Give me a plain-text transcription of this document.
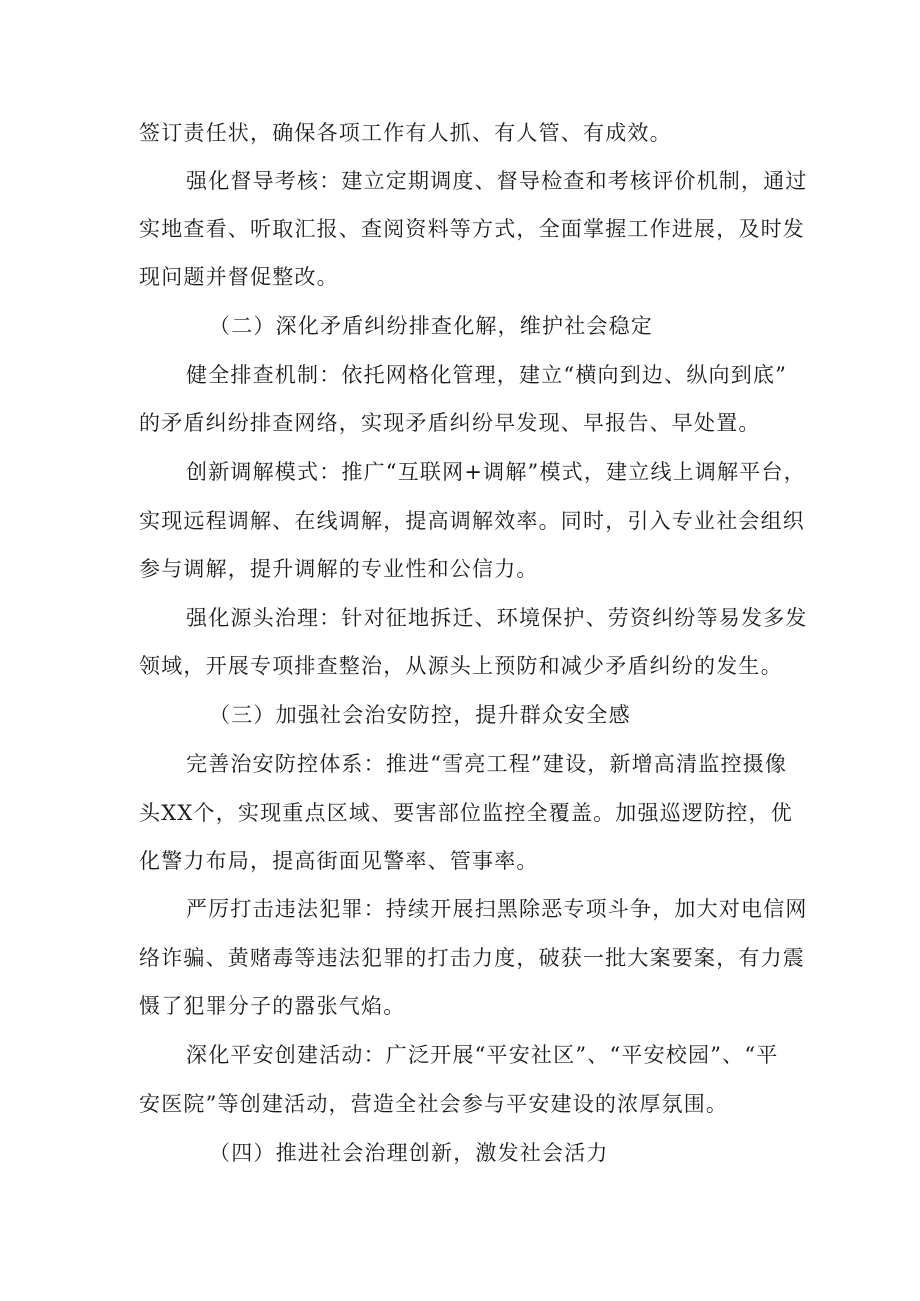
签订责任状，确保各项工作有人抓、有人管、有成效。

强化督导考核：建立定期调度、督导检查和考核评价机制，通过

实地查看、听取汇报、查阅资料等方式，全面掌握工作进展，及时发

现问题并督促整改。

（二）深化矛盾纠纷排查化解，维护社会稳定

健全排查机制：依托网格化管理，建立“横向到边、纵向到底”

的矛盾纠纷排查网络，实现矛盾纠纷早发现、早报告、早处置。

创新调解模式：推广“互联网+调解”模式，建立线上调解平台，

实现远程调解、在线调解，提高调解效率。同时，引入专业社会组织

参与调解，提升调解的专业性和公信力。

强化源头治理：针对征地拆迁、环境保护、劳资纠纷等易发多发

领域，开展专项排查整治，从源头上预防和减少矛盾纠纷的发生。

（三）加强社会治安防控，提升群众安全感

完善治安防控体系：推进“雪亮工程”建设，新增高清监控摄像

头XX个，实现重点区域、要害部位监控全覆盖。加强巡逻防控，优

化警力布局，提高街面见警率、管事率。

严厉打击违法犯罪：持续开展扫黑除恶专项斗争，加大对电信网

络诈骗、黄赌毒等违法犯罪的打击力度，破获一批大案要案，有力震

慑了犯罪分子的嚣张气焰。

深化平安创建活动：广泛开展“平安社区”、“平安校园”、“平

安医院”等创建活动，营造全社会参与平安建设的浓厚氛围。

（四）推进社会治理创新，激发社会活力
